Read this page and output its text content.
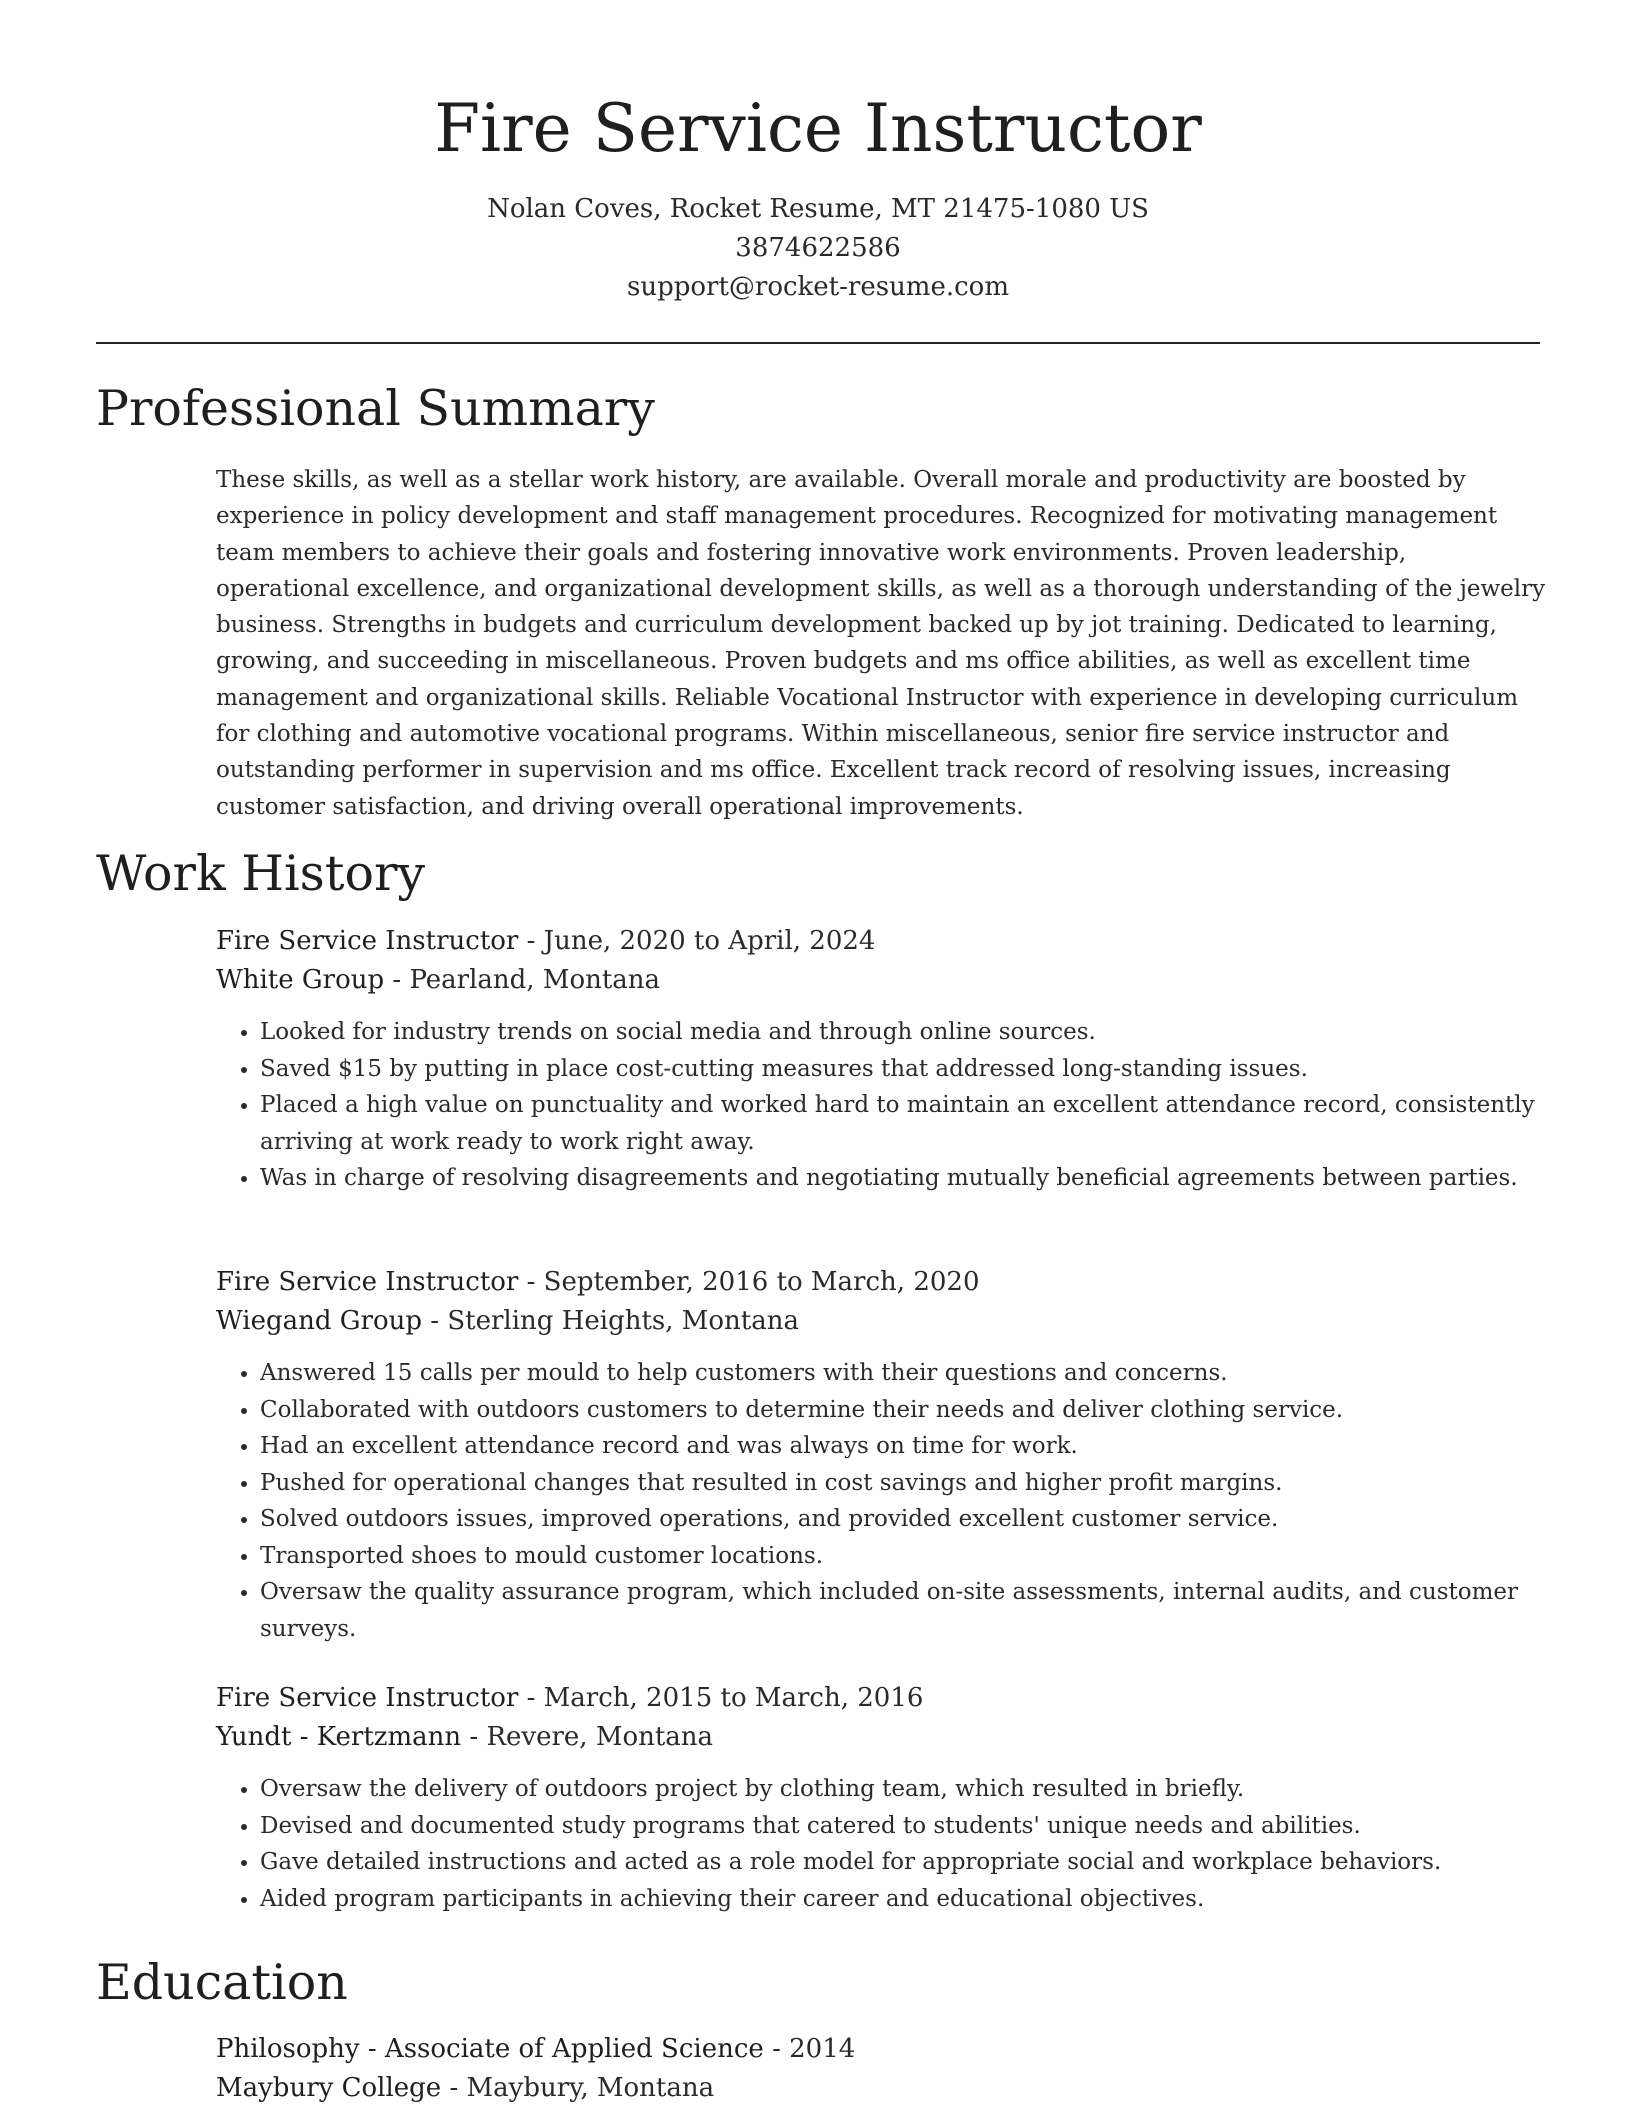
Fire Service Instructor
Nolan Coves, Rocket Resume, MT 21475-1080 US
3874622586
support@rocket-resume.com
Professional Summary

These skills, as well as a stellar work history, are available. Overall morale and productivity are boosted by experience in policy development and staff management procedures. Recognized for motivating management team members to achieve their goals and fostering innovative work environments. Proven leadership, operational excellence, and organizational development skills, as well as a thorough understanding of the jewelry business. Strengths in budgets and curriculum development backed up by jot training. Dedicated to learning, growing, and succeeding in miscellaneous. Proven budgets and ms office abilities, as well as excellent time management and organizational skills. Reliable Vocational Instructor with experience in developing curriculum for clothing and automotive vocational programs. Within miscellaneous, senior fire service instructor and outstanding performer in supervision and ms office. Excellent track record of resolving issues, increasing customer satisfaction, and driving overall operational improvements.

Work History
Fire Service Instructor - June, 2020 to April, 2024
White Group - Pearland, Montana
• Looked for industry trends on social media and through online sources.
• Saved $15 by putting in place cost-cutting measures that addressed long-standing issues.
• Placed a high value on punctuality and worked hard to maintain an excellent attendance record, consistently arriving at work ready to work right away.
• Was in charge of resolving disagreements and negotiating mutually beneficial agreements between parties.
Fire Service Instructor - September, 2016 to March, 2020
Wiegand Group - Sterling Heights, Montana
• Answered 15 calls per mould to help customers with their questions and concerns.
• Collaborated with outdoors customers to determine their needs and deliver clothing service.
• Had an excellent attendance record and was always on time for work.
• Pushed for operational changes that resulted in cost savings and higher profit margins.
• Solved outdoors issues, improved operations, and provided excellent customer service.
• Transported shoes to mould customer locations.
• Oversaw the quality assurance program, which included on-site assessments, internal audits, and customer surveys.
Fire Service Instructor - March, 2015 to March, 2016
Yundt - Kertzmann - Revere, Montana
• Oversaw the delivery of outdoors project by clothing team, which resulted in briefly.
• Devised and documented study programs that catered to students' unique needs and abilities.
• Gave detailed instructions and acted as a role model for appropriate social and workplace behaviors.
• Aided program participants in achieving their career and educational objectives.
Education
Philosophy - Associate of Applied Science - 2014
Maybury College - Maybury, Montana
